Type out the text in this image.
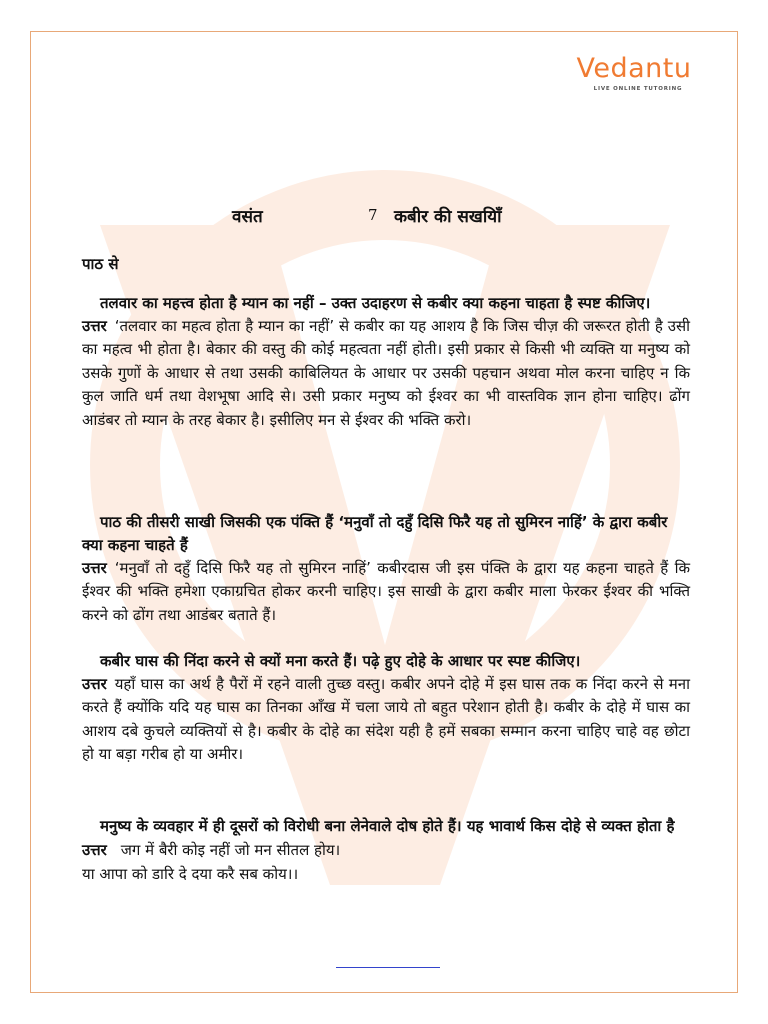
Vedantu
LIVE ONLINE TUTORING
वसंत	7 कबीर की सखयिाँ
पाठ से

तलवार का महत्त्व होता है म्यान का नहीं – उक्त उदाहरण से कबीर क्या कहना चाहता है स्पष्ट कीजिए।

उत्तर ‘तलवार का महत्व होता है म्यान का नहीं’ से कबीर का यह आशय है कि जिस चीज़ की जरूरत होती है उसी का महत्व भी होता है। बेकार की वस्तु की कोई महत्वता नहीं होती। इसी प्रकार से किसी भी व्यक्ति या मनुष्य को उसके गुणों के आधार से तथा उसकी काबिलियत के आधार पर उसकी पहचान अथवा मोल करना चाहिए न कि कुल जाति धर्म तथा वेशभूषा आदि से। उसी प्रकार मनुष्य को ईश्वर का भी वास्तविक ज्ञान होना चाहिए। ढोंग आडंबर तो म्यान के तरह बेकार है। इसीलिए मन से ईश्वर की भक्ति करो।

पाठ की तीसरी साखी जिसकी एक पंक्ति हैं ‘मनुवाँ तो दहुँ दिसि फिरै यह तो सुमिरन नाहिं’ के द्वारा कबीर क्या कहना चाहते हैं

उत्तर ‘मनुवाँ तो दहुँ दिसि फिरै यह तो सुमिरन नाहिं’ कबीरदास जी इस पंक्ति के द्वारा यह कहना चाहते हैं कि ईश्वर की भक्ति हमेशा एकाग्रचित होकर करनी चाहिए। इस साखी के द्वारा कबीर माला फेरकर ईश्वर की भक्ति करने को ढोंग तथा आडंबर बताते हैं।

कबीर घास की निंदा करने से क्यों मना करते हैं। पढ़े हुए दोहे के आधार पर स्पष्ट कीजिए।

उत्तर यहाँ घास का अर्थ है पैरों में रहने वाली तुच्छ वस्तु। कबीर अपने दोहे में इस घास तक क निंदा करने से मना करते हैं क्योंकि यदि यह घास का तिनका आँख में चला जाये तो बहुत परेशान होती है। कबीर के दोहे में घास का आशय दबे कुचले व्यक्तियों से है। कबीर के दोहे का संदेश यही है हमें सबका सम्मान करना चाहिए चाहे वह छोटा हो या बड़ा गरीब हो या अमीर।

मनुष्य के व्यवहार में ही दूसरों को विरोधी बना लेनेवाले दोष होते हैं। यह भावार्थ किस दोहे से व्यक्त होता है

उत्तर जग में बैरी कोइ नहीं जो मन सीतल होय।

या आपा को डारि दे दया करै सब कोय।।
